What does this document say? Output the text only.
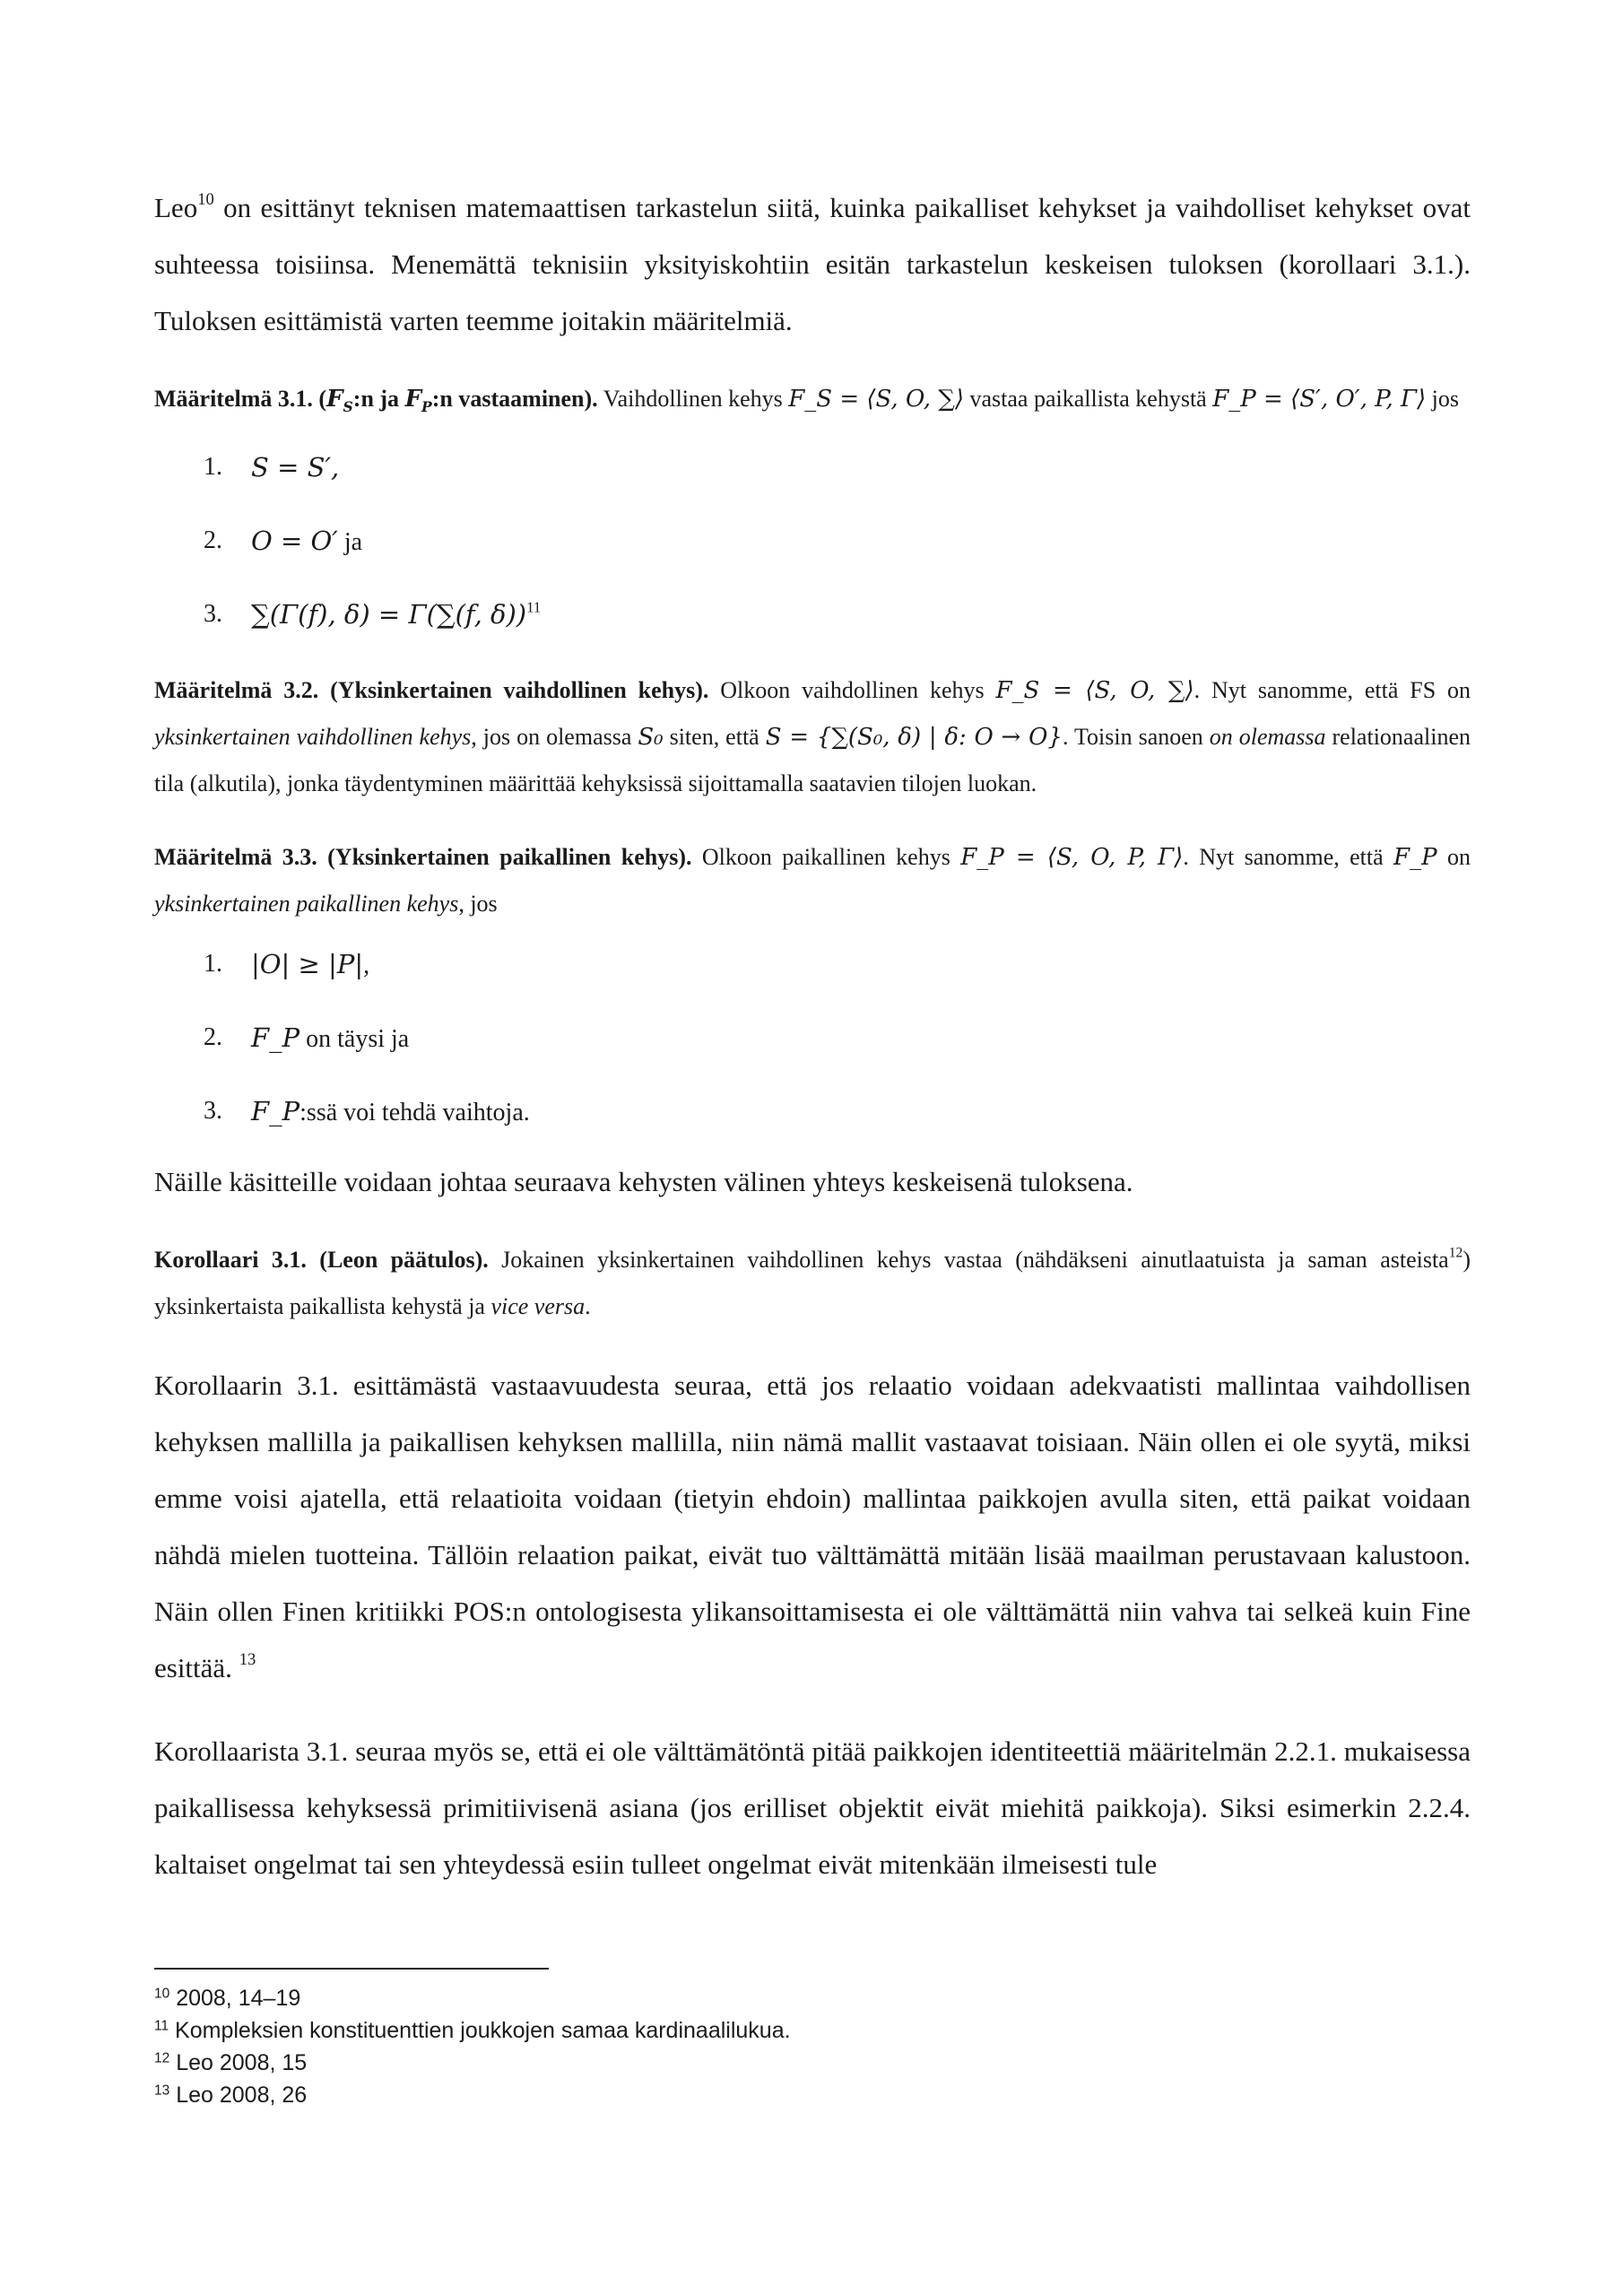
Leo$^{10}$ on esittänyt teknisen matemaattisen tarkastelun siitä, kuinka paikalliset kehykset ja vaihdolliset kehykset ovat suhteessa toisiinsa. Menemättä teknisiin yksityiskohtiin esitän tarkastelun keskeisen tuloksen (korollaari 3.1.). Tuloksen esittämistä varten teemme joitakin määritelmiä.

Määritelmä 3.1. ($F_S:n$ ja $F_P:n$ vastaaminen). Vaihdollinen kehys F_S = ⟨S, O, ∑⟩ vastaa paikallista kehystä F_P = ⟨S′, O′, P, Γ⟩ jos

1. S = S′,
2. O = O′ ja
3. ∑(Γ(f), δ) = Γ(∑(f, δ))$^{11}$

Määritelmä 3.2. (Yksinkertainen vaihdollinen kehys). Olkoon vaihdollinen kehys F_S = ⟨S, O, ∑⟩. Nyt sanomme, että FS on yksinkertainen vaihdollinen kehys, jos on olemassa S₀ siten, että S = {∑(S₀, δ) | δ: O → O}. Toisin sanoen on olemassa relationaalinen tila (alkutila), jonka täydentyminen määrittää kehyksissä sijoittamalla saatavien tilojen luokan.

Määritelmä 3.3. (Yksinkertainen paikallinen kehys). Olkoon paikallinen kehys F_P = ⟨S, O, P, Γ⟩. Nyt sanomme, että F_P on yksinkertainen paikallinen kehys, jos

1. |O| ≥ |P|,
2. F_P on täysi ja
3. F_P:ssä voi tehdä vaihtoja.

Näille käsitteille voidaan johtaa seuraava kehysten välinen yhteys keskeisenä tuloksena.

Korollaari 3.1. (Leon päätulos). Jokainen yksinkertainen vaihdollinen kehys vastaa (nähdäkseni ainutlaatuista ja saman asteista$^{12}$) yksinkertaista paikallista kehystä ja vice versa.

Korollaarin 3.1. esittämästä vastaavuudesta seuraa, että jos relaatio voidaan adekvaatisti mallintaa vaihdollisen kehyksen mallilla ja paikallisen kehyksen mallilla, niin nämä mallit vastaavat toisiaan. Näin ollen ei ole syytä, miksi emme voisi ajatella, että relaatioita voidaan (tietyin ehdoin) mallintaa paikkojen avulla siten, että paikat voidaan nähdä mielen tuotteina. Tällöin relaation paikat, eivät tuo välttämättä mitään lisää maailman perustavaan kalustoon. Näin ollen Finen kritiikki POS:n ontologisesta ylikansoittamisesta ei ole välttämättä niin vahva tai selkeä kuin Fine esittää. $^{13}$

Korollaarista 3.1. seuraa myös se, että ei ole välttämätöntä pitää paikkojen identiteettiä määritelmän 2.2.1. mukaisessa paikallisessa kehyksessä primitiivisenä asiana (jos erilliset objektit eivät miehitä paikkoja). Siksi esimerkin 2.2.4. kaltaiset ongelmat tai sen yhteydessä esiin tulleet ongelmat eivät mitenkään ilmeisesti tule

$^{10}$ 2008, 14–19
$^{11}$ Kompleksien konstituenttien joukkojen samaa kardinaalilukua.
$^{12}$ Leo 2008, 15
$^{13}$ Leo 2008, 26
